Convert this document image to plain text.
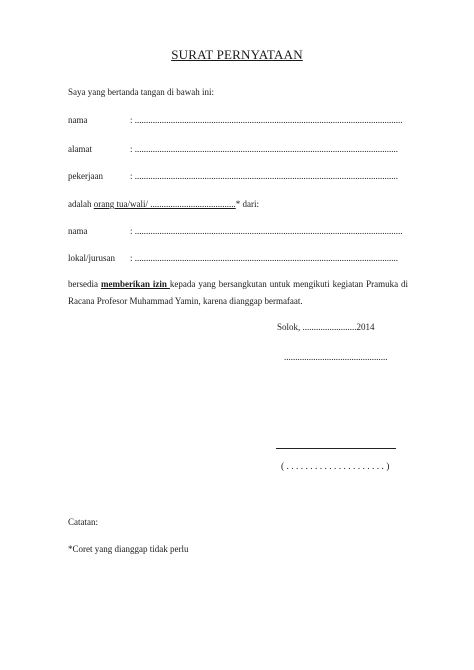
SURAT PERNYATAAN
Saya yang bertanda tangan di bawah ini:
nama	: .......................................................................................................................
alamat	: .....................................................................................................................
pekerjaan	: .....................................................................................................................
adalah orang tua/wali/ ......................................* dari:
nama	: .......................................................................................................................
lokal/jurusan : .....................................................................................................................
bersedia memberikan izin kepada yang bersangkutan untuk mengikuti kegiatan Pramuka di Racana Profesor Muhammad Yamin, karena dianggap bermafaat.
Solok, ........................2014
..............................................
( . . . . . . . . . . . . . . . . . . . . . )
Catatan:
*Coret yang dianggap tidak perlu
